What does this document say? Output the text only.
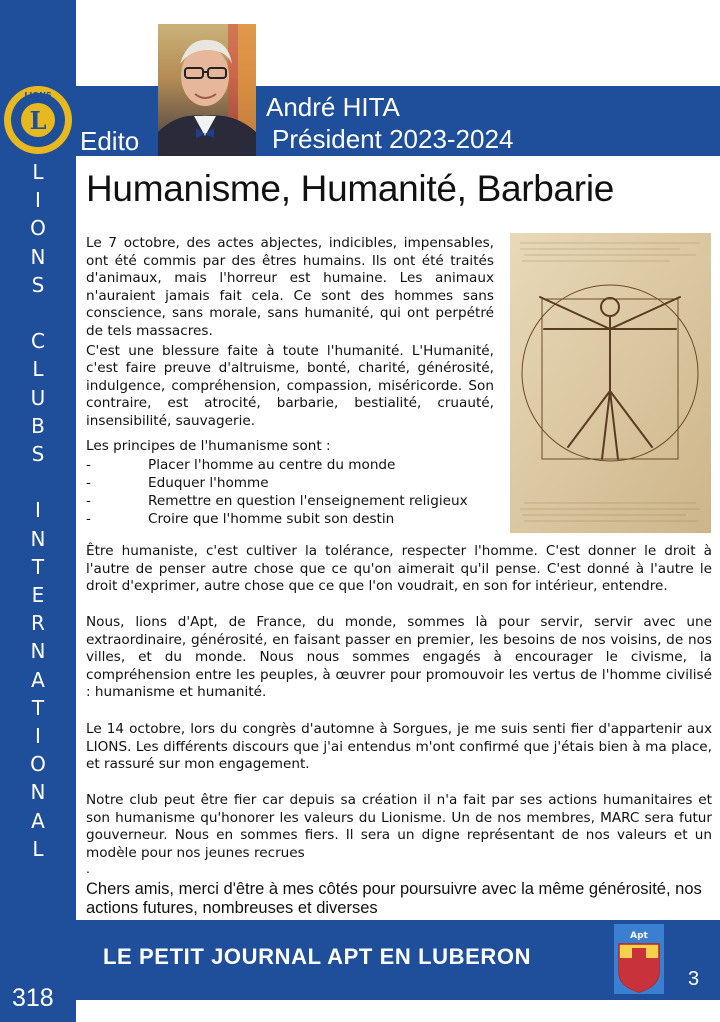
L
I
O
N
S
C
L
U
B
S
I
N
T
E
R
N
A
T
I
O
N
A
L
L
LIONS
Edito
André HITA
Président 2023-2024
Humanisme, Humanité, Barbarie
Le 7 octobre, des actes abjectes, indicibles, impensables, ont été commis par des êtres humains. Ils ont été traités d'animaux, mais l'horreur est humaine. Les animaux n'auraient jamais fait cela. Ce sont des hommes sans conscience, sans morale, sans humanité, qui ont perpétré de tels massacres.
C'est une blessure faite à toute l'humanité. L'Humanité, c'est faire preuve d'altruisme, bonté, charité, générosité, indulgence, compréhension, compassion, miséricorde. Son contraire, est atrocité, barbarie, bestialité, cruauté, insensibilité, sauvagerie.
Les principes de l'humanisme sont :
-	Placer l'homme au centre du monde
-	Eduquer l'homme
-	Remettre en question l'enseignement religieux
-	Croire que l'homme subit son destin
Être humaniste, c'est cultiver la tolérance, respecter l'homme. C'est donner le droit à l'autre de penser autre chose que ce qu'on aimerait qu'il pense. C'est donné à l'autre le droit d'exprimer, autre chose que ce que l'on voudrait, en son for intérieur, entendre.
Nous, lions d'Apt, de France, du monde, sommes là pour servir, servir avec une extraordinaire, générosité, en faisant passer en premier, les besoins de nos voisins, de nos villes, et du monde. Nous nous sommes engagés à encourager le civisme, la compréhension entre les peuples, à œuvrer pour promouvoir les vertus de l'homme civilisé : humanisme et humanité.
Le 14 octobre, lors du congrès d'automne à Sorgues, je me suis senti fier d'appartenir aux LIONS. Les différents discours que j'ai entendus m'ont confirmé que j'étais bien à ma place, et rassuré sur mon engagement.
Notre club peut être fier car depuis sa création il n'a fait par ses actions humanitaires et son humanisme qu'honorer les valeurs du Lionisme. Un de nos membres, MARC sera futur gouverneur. Nous en sommes fiers. Il sera un digne représentant de nos valeurs et un modèle pour nos jeunes recrues
.
Chers amis, merci d'être à mes côtés pour poursuivre avec la même générosité, nos actions futures, nombreuses et diverses
LE PETIT JOURNAL APT EN LUBERON
318
3
Apt
